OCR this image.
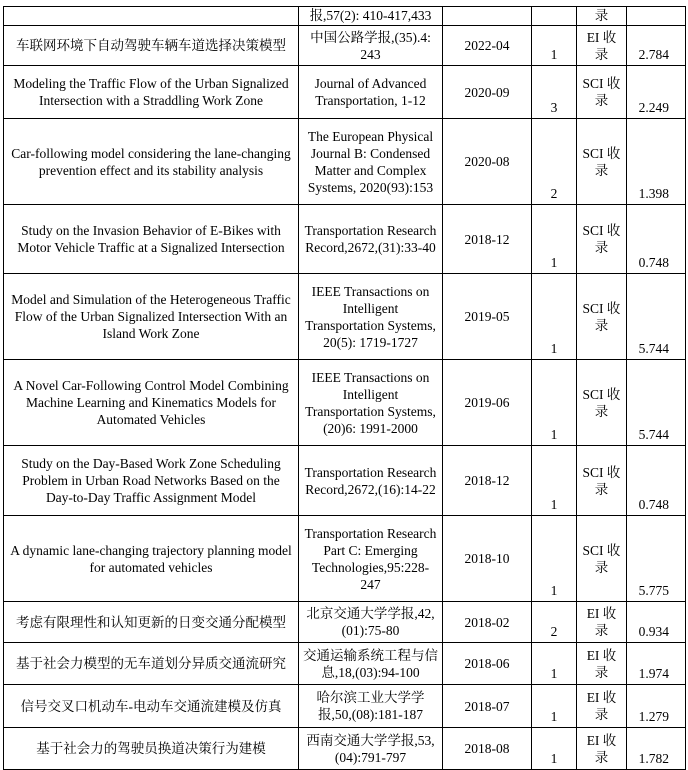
	报,57(2): 410-417,433			录	
车联网环境下自动驾驶车辆车道选择决策模型	中国公路学报,(35).4: 243	2022-04	1	EI 收录	2.784
Modeling the Traffic Flow of the Urban Signalized Intersection with a Straddling Work Zone	Journal of Advanced Transportation, 1-12	2020-09	3	SCI 收录	2.249
Car-following model considering the lane-changing prevention effect and its stability analysis	The European Physical Journal B: Condensed Matter and Complex Systems, 2020(93):153	2020-08	2	SCI 收录	1.398
Study on the Invasion Behavior of E-Bikes with Motor Vehicle Traffic at a Signalized Intersection	Transportation Research Record,2672,(31):33-40	2018-12	1	SCI 收录	0.748
Model and Simulation of the Heterogeneous Traffic Flow of the Urban Signalized Intersection With an Island Work Zone	IEEE Transactions on Intelligent Transportation Systems, 20(5): 1719-1727	2019-05	1	SCI 收录	5.744
A Novel Car-Following Control Model Combining Machine Learning and Kinematics Models for Automated Vehicles	IEEE Transactions on Intelligent Transportation Systems, (20)6: 1991-2000	2019-06	1	SCI 收录	5.744
Study on the Day-Based Work Zone Scheduling Problem in Urban Road Networks Based on the Day-to-Day Traffic Assignment Model	Transportation Research Record,2672,(16):14-22	2018-12	1	SCI 收录	0.748
A dynamic lane-changing trajectory planning model for automated vehicles	Transportation Research Part C: Emerging Technologies,95:228-247	2018-10	1	SCI 收录	5.775
考虑有限理性和认知更新的日变交通分配模型	北京交通大学学报,42,(01):75-80	2018-02	2	EI 收录	0.934
基于社会力模型的无车道划分异质交通流研究	交通运输系统工程与信息,18,(03):94-100	2018-06	1	EI 收录	1.974
信号交叉口机动车-电动车交通流建模及仿真	哈尔滨工业大学学报,50,(08):181-187	2018-07	1	EI 收录	1.279
基于社会力的驾驶员换道决策行为建模	西南交通大学学报,53,(04):791-797	2018-08	1	EI 收录	1.782
